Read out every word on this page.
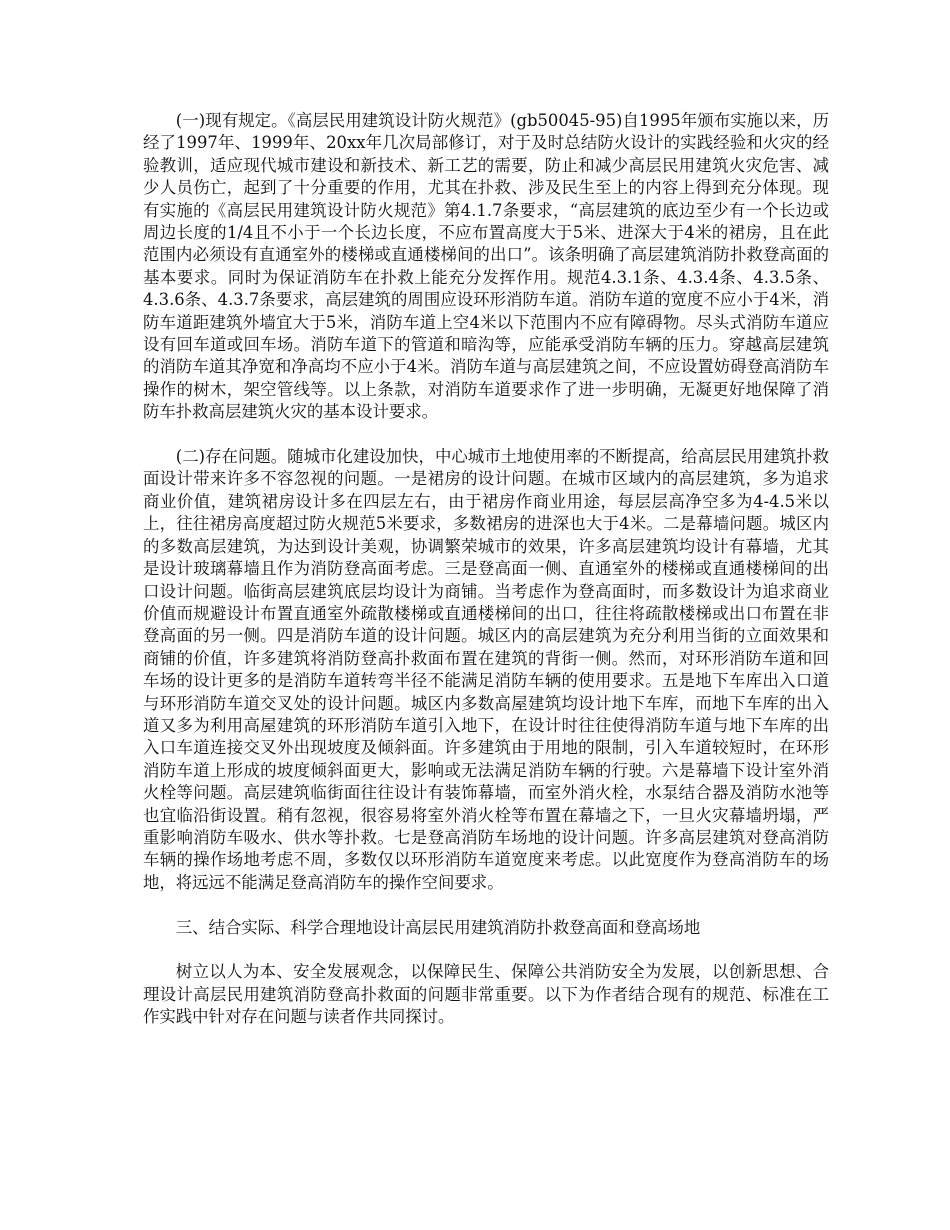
(一)现有规定。《高层民用建筑设计防火规范》(gb50045-95)自1995年颁布实施以来，历经了1997年、1999年、20xx年几次局部修订，对于及时总结防火设计的实践经验和火灾的经验教训，适应现代城市建设和新技术、新工艺的需要，防止和减少高层民用建筑火灾危害、减少人员伤亡，起到了十分重要的作用，尤其在扑救、涉及民生至上的内容上得到充分体现。现有实施的《高层民用建筑设计防火规范》第4.1.7条要求，“高层建筑的底边至少有一个长边或周边长度的1/4且不小于一个长边长度，不应布置高度大于5米、进深大于4米的裙房，且在此范围内必须设有直通室外的楼梯或直通楼梯间的出口”。该条明确了高层建筑消防扑救登高面的基本要求。同时为保证消防车在扑救上能充分发挥作用。规范4.3.1条、4.3.4条、4.3.5条、4.3.6条、4.3.7条要求，高层建筑的周围应设环形消防车道。消防车道的宽度不应小于4米，消防车道距建筑外墙宜大于5米，消防车道上空4米以下范围内不应有障碍物。尽头式消防车道应设有回车道或回车场。消防车道下的管道和暗沟等，应能承受消防车辆的压力。穿越高层建筑的消防车道其净宽和净高均不应小于4米。消防车道与高层建筑之间，不应设置妨碍登高消防车操作的树木，架空管线等。以上条款，对消防车道要求作了进一步明确，无凝更好地保障了消防车扑救高层建筑火灾的基本设计要求。

(二)存在问题。随城市化建设加快，中心城市土地使用率的不断提高，给高层民用建筑扑救面设计带来许多不容忽视的问题。一是裙房的设计问题。在城市区域内的高层建筑，多为追求商业价值，建筑裙房设计多在四层左右，由于裙房作商业用途，每层层高净空多为4-4.5米以上，往往裙房高度超过防火规范5米要求，多数裙房的进深也大于4米。二是幕墙问题。城区内的多数高层建筑，为达到设计美观，协调繁荣城市的效果，许多高层建筑均设计有幕墙，尤其是设计玻璃幕墙且作为消防登高面考虑。三是登高面一侧、直通室外的楼梯或直通楼梯间的出口设计问题。临街高层建筑底层均设计为商铺。当考虑作为登高面时，而多数设计为追求商业价值而规避设计布置直通室外疏散楼梯或直通楼梯间的出口，往往将疏散楼梯或出口布置在非登高面的另一侧。四是消防车道的设计问题。城区内的高层建筑为充分利用当街的立面效果和商铺的价值，许多建筑将消防登高扑救面布置在建筑的背街一侧。然而，对环形消防车道和回车场的设计更多的是消防车道转弯半径不能满足消防车辆的使用要求。五是地下车库出入口道与环形消防车道交叉处的设计问题。城区内多数高屋建筑均设计地下车库，而地下车库的出入道又多为利用高屋建筑的环形消防车道引入地下，在设计时往往使得消防车道与地下车库的出入口车道连接交叉外出现坡度及倾斜面。许多建筑由于用地的限制，引入车道较短时，在环形消防车道上形成的坡度倾斜面更大，影响或无法满足消防车辆的行驶。六是幕墙下设计室外消火栓等问题。高层建筑临街面往往设计有装饰幕墙，而室外消火栓，水泵结合器及消防水池等也宜临沿街设置。稍有忽视，很容易将室外消火栓等布置在幕墙之下，一旦火灾幕墙坍塌，严重影响消防车吸水、供水等扑救。七是登高消防车场地的设计问题。许多高层建筑对登高消防车辆的操作场地考虑不周，多数仅以环形消防车道宽度来考虑。以此宽度作为登高消防车的场地，将远远不能满足登高消防车的操作空间要求。

三、结合实际、科学合理地设计高层民用建筑消防扑救登高面和登高场地

树立以人为本、安全发展观念，以保障民生、保障公共消防安全为发展，以创新思想、合理设计高层民用建筑消防登高扑救面的问题非常重要。以下为作者结合现有的规范、标准在工作实践中针对存在问题与读者作共同探讨。
